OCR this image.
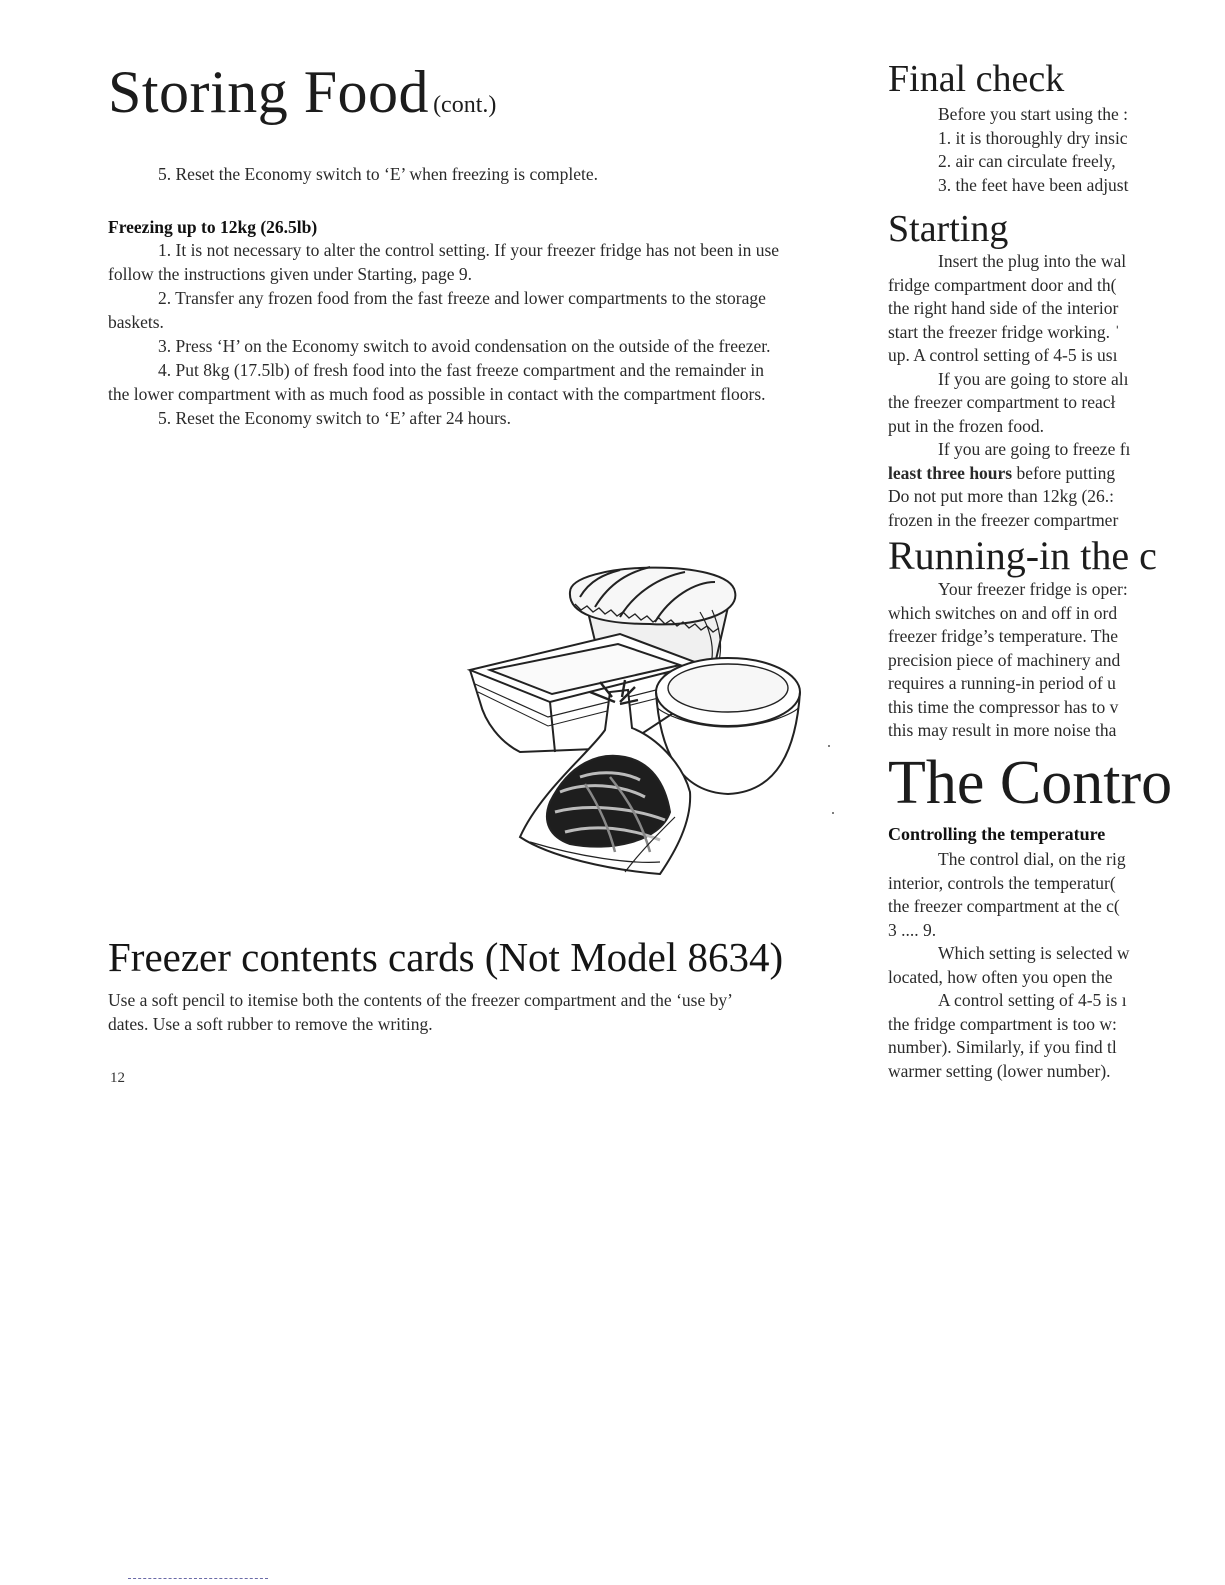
Storing Food (cont.)
5. Reset the Economy switch to ‘E’ when freezing is complete.
Freezing up to 12kg (26.5lb)

1. It is not necessary to alter the control setting. If your freezer fridge has not been in use follow the instructions given under Starting, page 9.

2. Transfer any frozen food from the fast freeze and lower compartments to the storage baskets.

3. Press ‘H’ on the Economy switch to avoid condensation on the outside of the freezer.

4. Put 8kg (17.5lb) of fresh food into the fast freeze compartment and the remainder in the lower compartment with as much food as possible in contact with the compartment floors.

5. Reset the Economy switch to ‘E’ after 24 hours.

Freezer contents cards (Not Model 8634)
Use a soft pencil to itemise both the contents of the freezer compartment and the ‘use by’ dates. Use a soft rubber to remove the writing.
12
Final check
Before you start using the :
1. it is thoroughly dry insic
2. air can circulate freely,
3. the feet have been adjust
Starting
Insert the plug into the wal
fridge compartment door and th(
the right hand side of the interior
start the freezer fridge working. ˈ
up. A control setting of 4-5 is usı
If you are going to store alı
the freezer compartment to reacł
put in the frozen food.
If you are going to freeze fı
least three hours before putting
Do not put more than 12kg (26.:
frozen in the freezer compartmer
Running-in the c
Your freezer fridge is oper:
which switches on and off in ord
freezer fridge’s temperature. The
precision piece of machinery and
requires a running-in period of u
this time the compressor has to v
this may result in more noise tha
The Contro
Controlling the temperature
The control dial, on the rig
interior, controls the temperatur(
the freezer compartment at the c(
3 .... 9.
Which setting is selected w
located, how often you open the
A control setting of 4-5 is ı
the fridge compartment is too w:
number). Similarly, if you find tl
warmer setting (lower number).
